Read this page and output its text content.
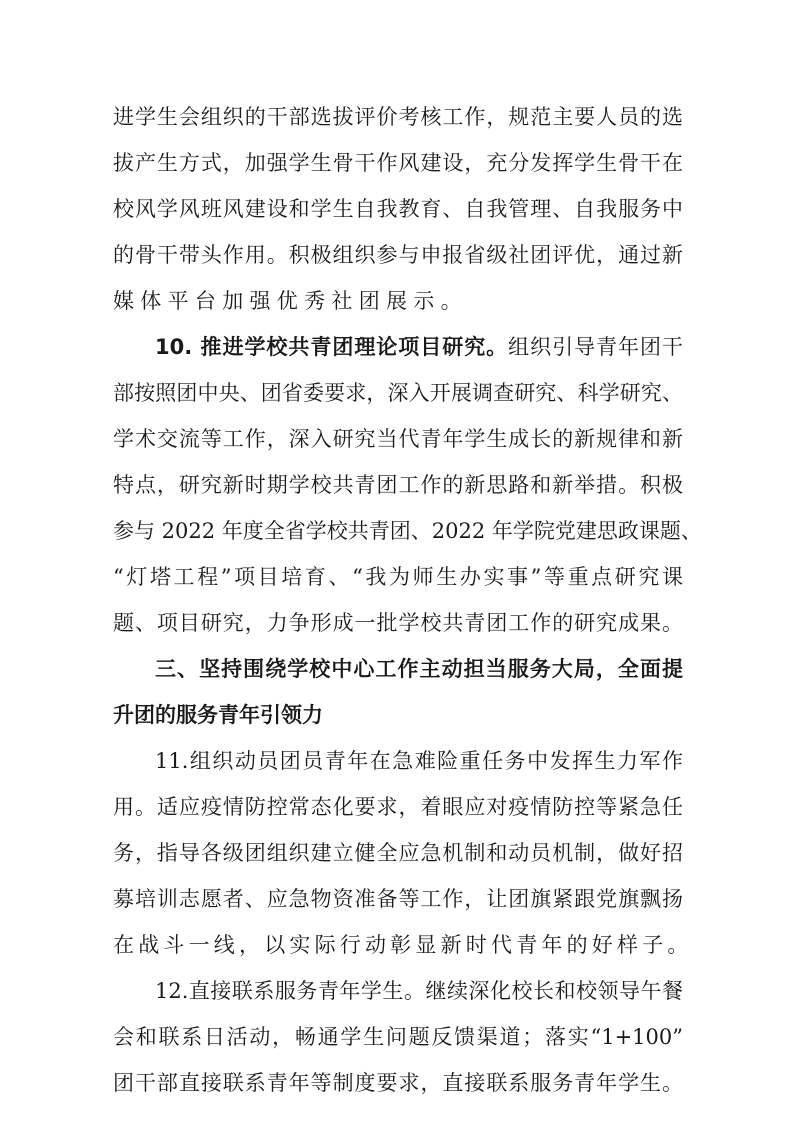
进学生会组织的干部选拔评价考核工作，规范主要人员的选
拔产生方式，加强学生骨干作风建设，充分发挥学生骨干在
校风学风班风建设和学生自我教育、自我管理、自我服务中
的骨干带头作用。积极组织参与申报省级社团评优，通过新
媒体平台加强优秀社团展示。
10. 推进学校共青团理论项目研究。组织引导青年团干
部按照团中央、团省委要求，深入开展调查研究、科学研究、
学术交流等工作，深入研究当代青年学生成长的新规律和新
特点，研究新时期学校共青团工作的新思路和新举措。积极
参与 2022 年度全省学校共青团、2022 年学院党建思政课题、
“灯塔工程”项目培育、“我为师生办实事”等重点研究课
题、项目研究，力争形成一批学校共青团工作的研究成果。
三、坚持围绕学校中心工作主动担当服务大局，全面提
升团的服务青年引领力
11.组织动员团员青年在急难险重任务中发挥生力军作
用。适应疫情防控常态化要求，着眼应对疫情防控等紧急任
务，指导各级团组织建立健全应急机制和动员机制，做好招
募培训志愿者、应急物资准备等工作，让团旗紧跟党旗飘扬
在战斗一线，以实际行动彰显新时代青年的好样子。
12.直接联系服务青年学生。继续深化校长和校领导午餐
会和联系日活动，畅通学生问题反馈渠道；落实“1+100”
团干部直接联系青年等制度要求，直接联系服务青年学生。
